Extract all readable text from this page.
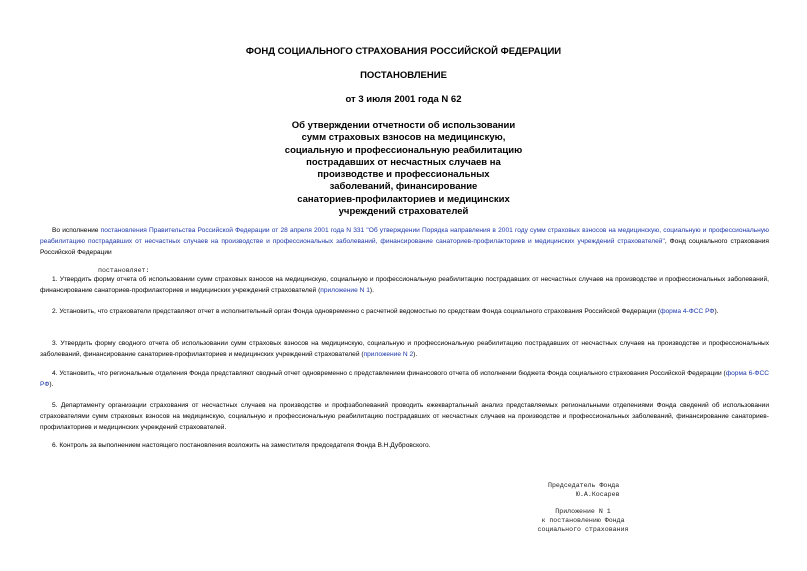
ФОНД СОЦИАЛЬНОГО СТРАХОВАНИЯ РОССИЙСКОЙ ФЕДЕРАЦИИ
ПОСТАНОВЛЕНИЕ
от 3 июля 2001 года N 62
Об утверждении отчетности об использовании
сумм страховых взносов на медицинскую,
социальную и профессиональную реабилитацию
пострадавших от несчастных случаев на
производстве и профессиональных
заболеваний, финансирование
санаториев-профилакториев и медицинских
учреждений страхователей

Во исполнение постановления Правительства Российской Федерации от 28 апреля 2001 года N 331 "Об утверждении Порядка направления в 2001 году сумм страховых взносов на медицинскую, социальную и профессиональную реабилитацию пострадавших от несчастных случаев на производстве и профессиональных заболеваний, финансирование санаториев-профилакториев и медицинских учреждений страхователей", Фонд социального страхования Российской Федерации

постановляет:

1. Утвердить форму отчета об использовании сумм страховых взносов на медицинскую, социальную и профессиональную реабилитацию пострадавших от несчастных случаев на производстве и профессиональных заболеваний, финансирование санаториев-профилакториев и медицинских учреждений страхователей (приложение N 1).

2. Установить, что страхователи представляют отчет в исполнительный орган Фонда одновременно с расчетной ведомостью по средствам Фонда социального страхования Российской Федерации (форма 4-ФСС РФ).

3. Утвердить форму сводного отчета об использовании сумм страховых взносов на медицинскую, социальную и профессиональную реабилитацию пострадавших от несчастных случаев на производстве и профессиональных заболеваний, финансирование санаториев-профилакториев и медицинских учреждений страхователей (приложение N 2).

4. Установить, что региональные отделения Фонда представляют сводный отчет одновременно с представлением финансового отчета об исполнении бюджета Фонда социального страхования Российской Федерации (форма 6-ФСС РФ).

5. Департаменту организации страхования от несчастных случаев на производстве и профзаболеваний проводить ежеквартальный анализ представляемых региональными отделениями Фонда сведений об использовании страхователями сумм страховых взносов на медицинскую, социальную и профессиональную реабилитацию пострадавших от несчастных случаев на производстве и профессиональных заболеваний, финансирование санаториев-профилакториев и медицинских учреждений страхователей.

6. Контроль за выполнением настоящего постановления возложить на заместителя председателя Фонда В.Н.Дубровского.

Председатель Фонда
Ю.А.Косарев
Приложение N 1
к постановлению Фонда
социального страхования
